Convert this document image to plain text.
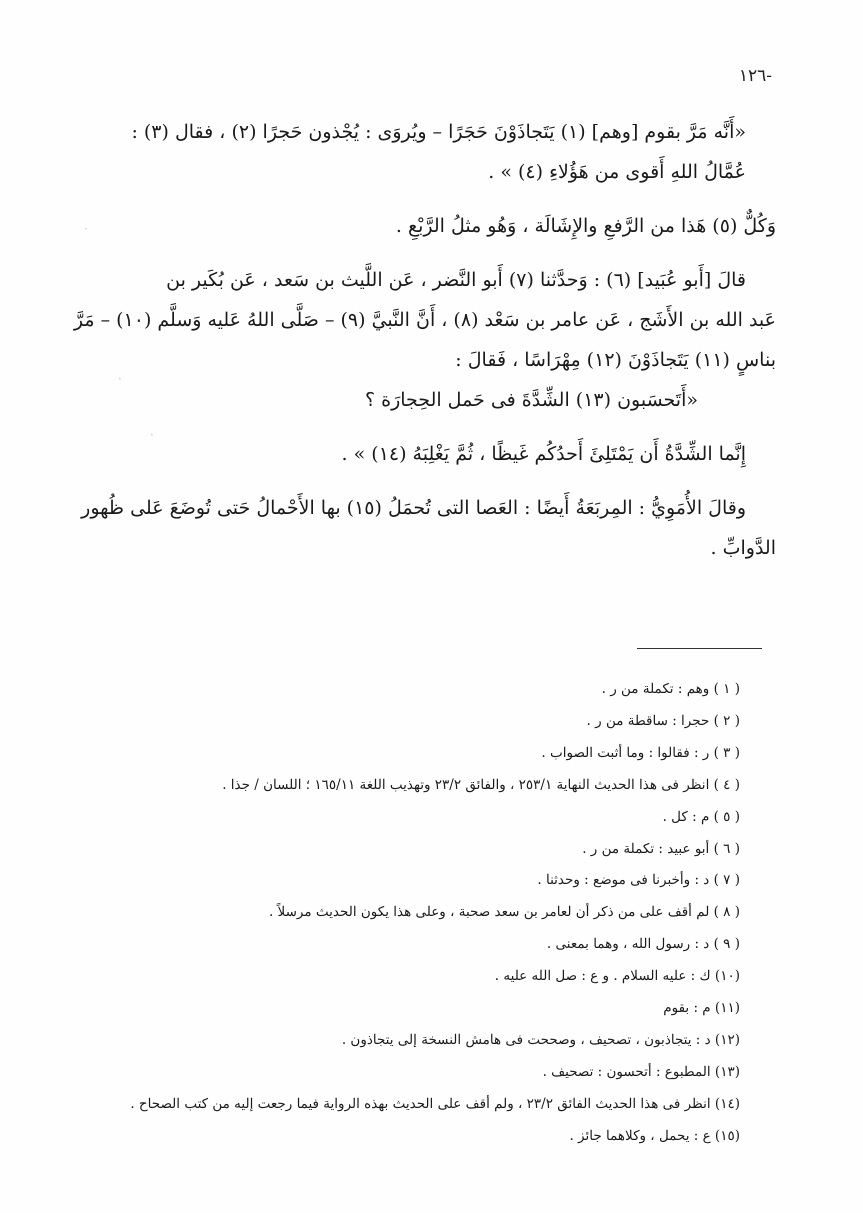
-١٢٦

«أَنَّه مَرَّ بقوم [وهم] (١) يَتَجاذَوْنَ حَجَرًا – ويُروَى : يُجْذون حَجرًا (٢) ، فقال (٣) :

عُمَّالُ اللهِ أَقوى من هَؤُلاءِ (٤) » .

وَكُلٌّ (٥) هَذا من الرَّفعِ والإِشَالَة ، وَهُو مثلُ الرَّبْعِ .

قالَ [أَبو عُبَيد] (٦) : وَحدَّثنا (٧) أَبو النَّضر ، عَن اللَّيث بن سَعد ، عَن بُكَير بن

عَبد الله بن الأَشَج ، عَن عامر بن سَعْد (٨) ، أَنَّ النَّبيَّ (٩) – صَلَّى اللهُ عَليه وَسلَّم (١٠) – مَرَّ

بناسٍ (١١) يَتَجاذَوْنَ (١٢) مِهْرَاسًا ، فَقالَ :

«أَتَحسَبون (١٣) الشِّدَّةَ فى حَمل الحِجارَة ؟

إِنَّما الشِّدَّةُ أَن يَمْتَلِئَ أَحدُكُم غَيظًا ، ثُمَّ يَغْلِبَهُ (١٤) » .

وقالَ الأُمَوِيُّ : المِربَعَةُ أَيضًا : العَصا التى تُحمَلُ (١٥) بها الأَحْمالُ حَتى تُوضَعَ عَلى ظُهور

الدَّوابِّ .

( ١ ) وهم : تكملة من ر .

( ٢ ) حجرا : ساقطة من ر .

( ٣ ) ر : فقالوا : وما أثبت الصواب .

( ٤ ) انظر فى هذا الحديث النهاية ٢٥٣/١ ، والفائق ٢٣/٢ وتهذيب اللغة ١٦٥/١١ ؛ اللسان / جذا .

( ٥ ) م : كل .

( ٦ ) أبو عبيد : تكملة من ر .

( ٧ ) د : وأخبرنا فى موضع : وحدثنا .

( ٨ ) لم أقف على من ذكر أن لعامر بن سعد صحبة ، وعلى هذا يكون الحديث مرسلاً .

( ٩ ) د : رسول الله ، وهما بمعنى .

(١٠) ك : عليه السلام . و ع : صل الله عليه .

(١١) م : بقوم

(١٢) د : يتجاذبون ، تصحيف ، وصححت فى هامش النسخة إلى يتجاذون .

(١٣) المطبوع : أتحسون : تصحيف .

(١٤) انظر فى هذا الحديث الفائق ٢٣/٢ ، ولم أقف على الحديث بهذه الرواية فيما رجعت إليه من كتب الصحاح .

(١٥) ع : يحمل ، وكلاهما جائز .

·
·
·
